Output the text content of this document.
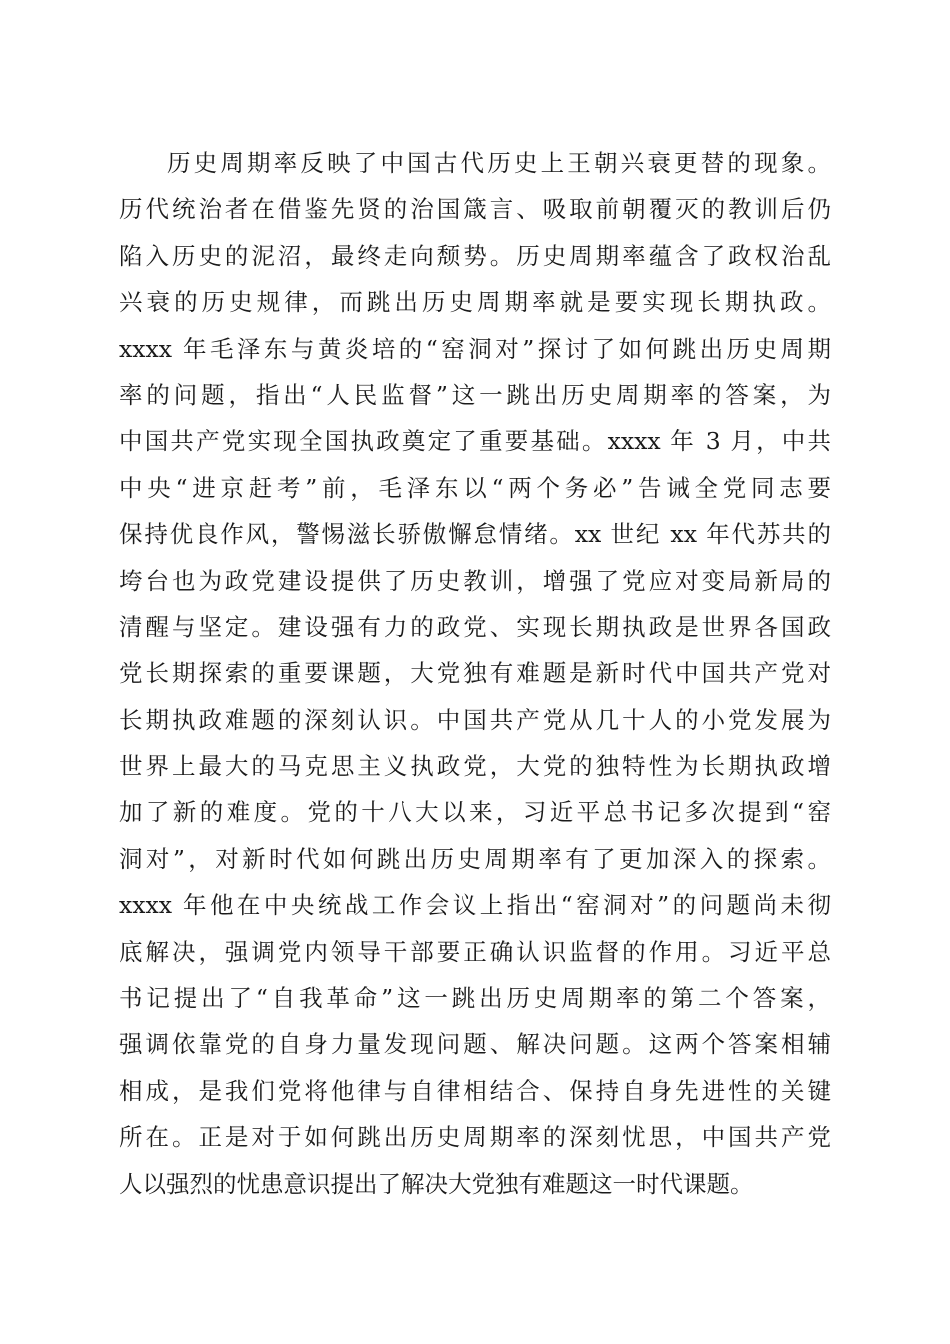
历史周期率反映了中国古代历史上王朝兴衰更替的现象。
历代统治者在借鉴先贤的治国箴言、吸取前朝覆灭的教训后仍
陷入历史的泥沼，最终走向颓势。历史周期率蕴含了政权治乱
兴衰的历史规律，而跳出历史周期率就是要实现长期执政。
xxxx 年毛泽东与黄炎培的“窑洞对”探讨了如何跳出历史周期
率的问题，指出“人民监督”这一跳出历史周期率的答案，为
中国共产党实现全国执政奠定了重要基础。xxxx 年 3 月，中共
中央“进京赶考”前，毛泽东以“两个务必”告诫全党同志要
保持优良作风，警惕滋长骄傲懈怠情绪。xx 世纪 xx 年代苏共的
垮台也为政党建设提供了历史教训，增强了党应对变局新局的
清醒与坚定。建设强有力的政党、实现长期执政是世界各国政
党长期探索的重要课题，大党独有难题是新时代中国共产党对
长期执政难题的深刻认识。中国共产党从几十人的小党发展为
世界上最大的马克思主义执政党，大党的独特性为长期执政增
加了新的难度。党的十八大以来，习近平总书记多次提到“窑
洞对”，对新时代如何跳出历史周期率有了更加深入的探索。
xxxx 年他在中央统战工作会议上指出“窑洞对”的问题尚未彻
底解决，强调党内领导干部要正确认识监督的作用。习近平总
书记提出了“自我革命”这一跳出历史周期率的第二个答案，
强调依靠党的自身力量发现问题、解决问题。这两个答案相辅
相成，是我们党将他律与自律相结合、保持自身先进性的关键
所在。正是对于如何跳出历史周期率的深刻忧思，中国共产党
人以强烈的忧患意识提出了解决大党独有难题这一时代课题。
